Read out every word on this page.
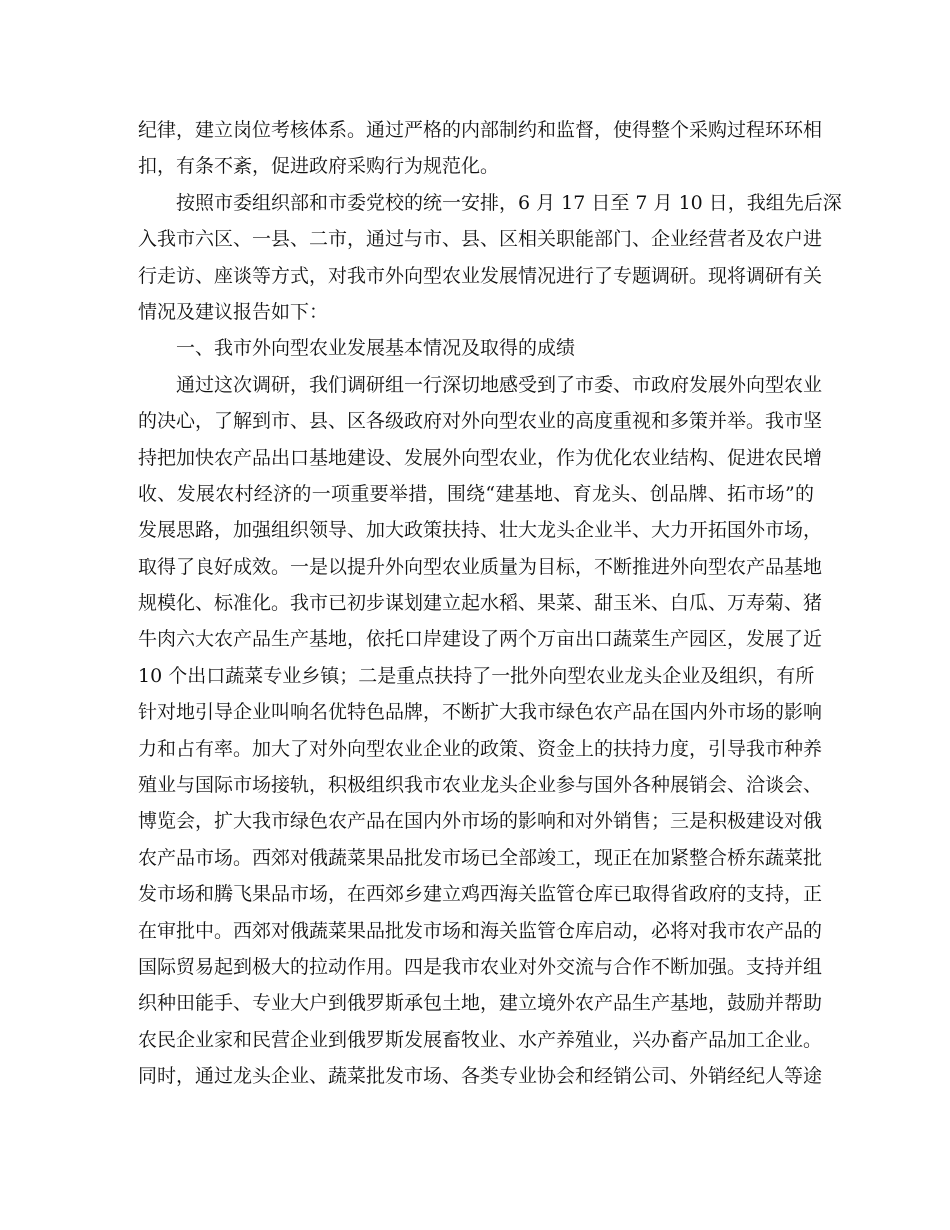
纪律，建立岗位考核体系。通过严格的内部制约和监督，使得整个采购过程环环相
扣，有条不紊，促进政府采购行为规范化。
按照市委组织部和市委党校的统一安排，6 月 17 日至 7 月 10 日，我组先后深
入我市六区、一县、二市，通过与市、县、区相关职能部门、企业经营者及农户进
行走访、座谈等方式，对我市外向型农业发展情况进行了专题调研。现将调研有关
情况及建议报告如下：
一、我市外向型农业发展基本情况及取得的成绩
通过这次调研，我们调研组一行深切地感受到了市委、市政府发展外向型农业
的决心，了解到市、县、区各级政府对外向型农业的高度重视和多策并举。我市坚
持把加快农产品出口基地建设、发展外向型农业，作为优化农业结构、促进农民增
收、发展农村经济的一项重要举措，围绕“建基地、育龙头、创品牌、拓市场”的
发展思路，加强组织领导、加大政策扶持、壮大龙头企业半、大力开拓国外市场，
取得了良好成效。一是以提升外向型农业质量为目标，不断推进外向型农产品基地
规模化、标准化。我市已初步谋划建立起水稻、果菜、甜玉米、白瓜、万寿菊、猪
牛肉六大农产品生产基地，依托口岸建设了两个万亩出口蔬菜生产园区，发展了近
10 个出口蔬菜专业乡镇；二是重点扶持了一批外向型农业龙头企业及组织，有所
针对地引导企业叫响名优特色品牌，不断扩大我市绿色农产品在国内外市场的影响
力和占有率。加大了对外向型农业企业的政策、资金上的扶持力度，引导我市种养
殖业与国际市场接轨，积极组织我市农业龙头企业参与国外各种展销会、洽谈会、
博览会，扩大我市绿色农产品在国内外市场的影响和对外销售；三是积极建设对俄
农产品市场。西郊对俄蔬菜果品批发市场已全部竣工，现正在加紧整合桥东蔬菜批
发市场和腾飞果品市场，在西郊乡建立鸡西海关监管仓库已取得省政府的支持，正
在审批中。西郊对俄蔬菜果品批发市场和海关监管仓库启动，必将对我市农产品的
国际贸易起到极大的拉动作用。四是我市农业对外交流与合作不断加强。支持并组
织种田能手、专业大户到俄罗斯承包土地，建立境外农产品生产基地，鼓励并帮助
农民企业家和民营企业到俄罗斯发展畜牧业、水产养殖业，兴办畜产品加工企业。
同时，通过龙头企业、蔬菜批发市场、各类专业协会和经销公司、外销经纪人等途
